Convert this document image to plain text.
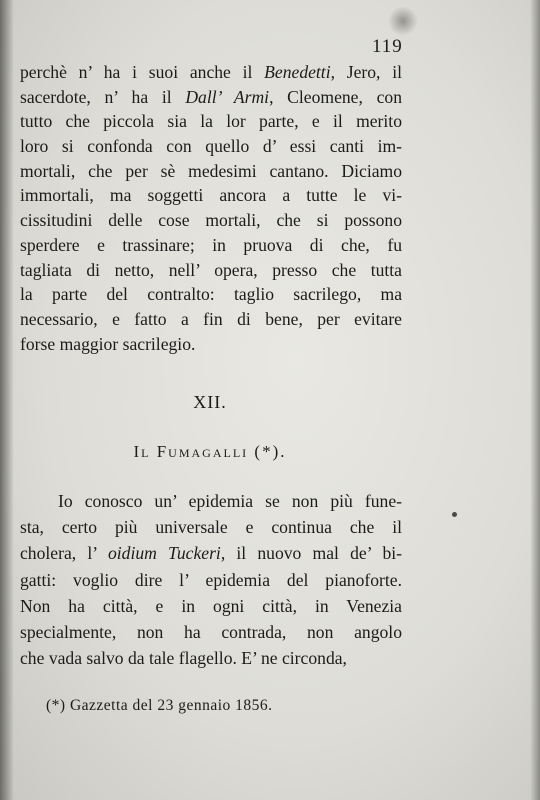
119
perchè n’ ha i suoi anche il Benedetti, Jero, il
sacerdote, n’ ha il Dall’ Armi, Cleomene, con
tutto che piccola sia la lor parte, e il merito
loro si confonda con quello d’ essi canti im-
mortali, che per sè medesimi cantano. Diciamo
immortali, ma soggetti ancora a tutte le vi-
cissitudini delle cose mortali, che si possono
sperdere e trassinare; in pruova di che, fu
tagliata di netto, nell’ opera, presso che tutta
la parte del contralto: taglio sacrilego, ma
necessario, e fatto a fin di bene, per evitare
forse maggior sacrilegio.
XII.
Il Fumagalli (*).
Io conosco un’ epidemia se non più fune-
sta, certo più universale e continua che il
cholera, l’ oidium Tuckeri, il nuovo mal de’ bi-
gatti: voglio dire l’ epidemia del pianoforte.
Non ha città, e in ogni città, in Venezia
specialmente, non ha contrada, non angolo
che vada salvo da tale flagello. E’ ne circonda,
(*) Gazzetta del 23 gennaio 1856.
